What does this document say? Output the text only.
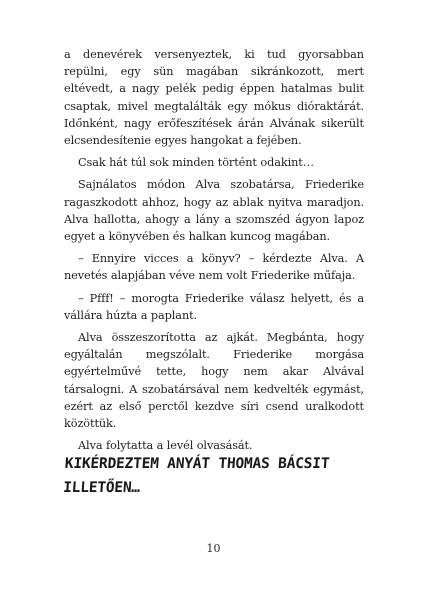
a denevérek versenyeztek, ki tud gyorsabban repülni, egy sün magában sikránkozott, mert eltévedt, a nagy pelék pedig éppen hatalmas bulit csaptak, mivel megtalálták egy mókus dióraktárát. Időnként, nagy erőfeszítések árán Alvának sikerült elcsendesítenie egyes hangokat a fejében.

Csak hát túl sok minden történt odakint…

Sajnálatos módon Alva szobatársa, Friederike ragaszkodott ahhoz, hogy az ablak nyitva maradjon. Alva hallotta, ahogy a lány a szomszéd ágyon lapoz egyet a könyvében és halkan kuncog magában.

– Ennyire vicces a könyv? – kérdezte Alva. A nevetés alapjában véve nem volt Friederike műfaja.

– Pfff! – morogta Friederike válasz helyett, és a vállára húzta a paplant.

Alva összeszorította az ajkát. Megbánta, hogy egyáltalán megszólalt. Friederike morgása egyértelművé tette, hogy nem akar Alvával társalogni. A szobatársával nem kedvelték egymást, ezért az első perctől kezdve síri csend uralkodott közöttük.

Alva folytatta a levél olvasását.

KIKÉRDEZTEM ANYÁT THOMAS BÁCSIT
ILLETŐEN…
10
